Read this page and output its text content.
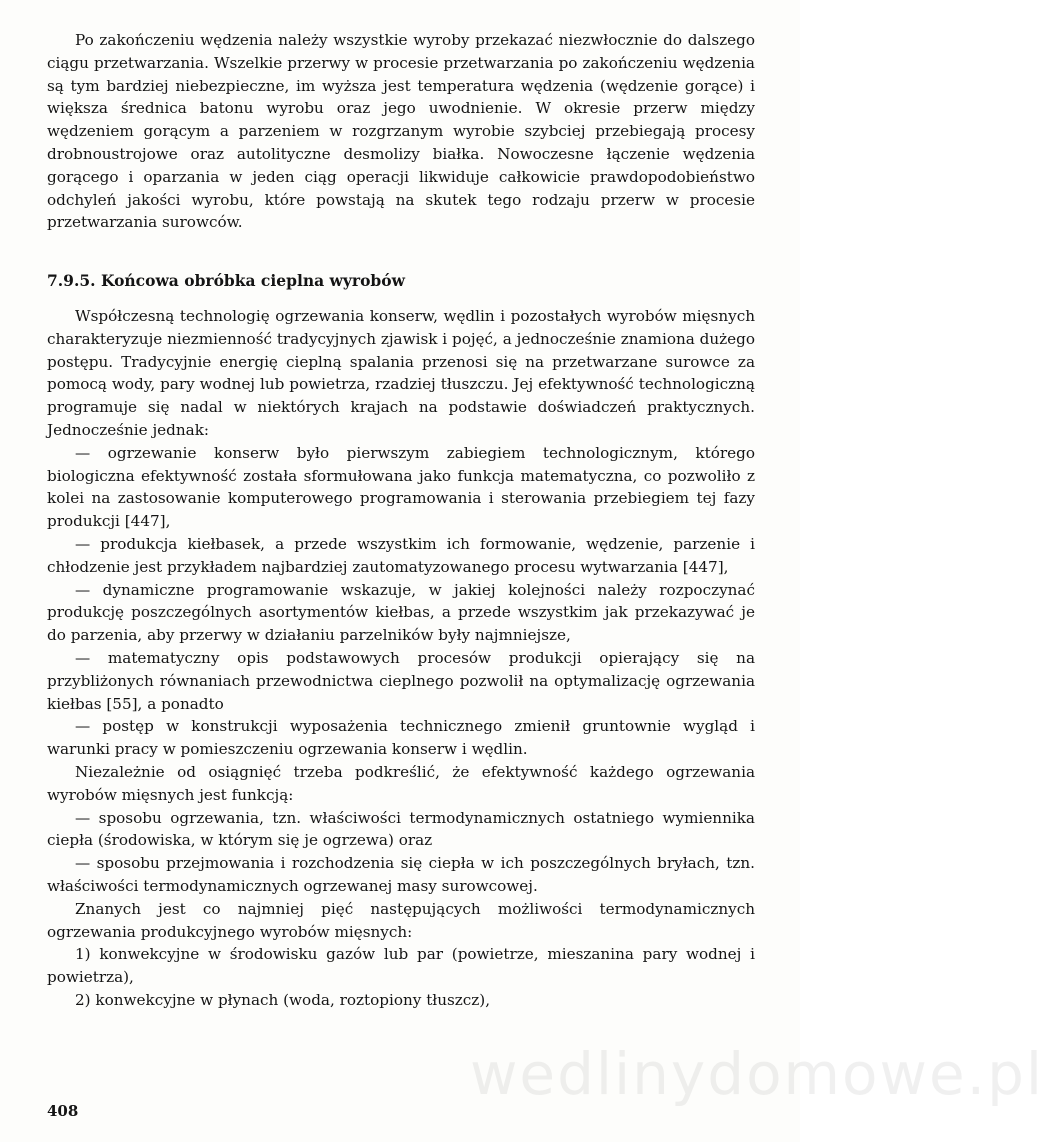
Po zakończeniu wędzenia należy wszystkie wyroby przekazać niezwłocznie do dalszego ciągu przetwarzania. Wszelkie przerwy w procesie przetwarzania po zakończeniu wędzenia są tym bardziej niebezpieczne, im wyższa jest temperatura wędzenia (wędzenie gorące) i większa średnica batonu wyrobu oraz jego uwodnienie. W okresie przerw między wędzeniem gorącym a parzeniem w rozgrzanym wyrobie szybciej przebiegają procesy drobnoustrojowe oraz autolityczne desmolizy białka. Nowoczesne łączenie wędzenia gorącego i oparzania w jeden ciąg operacji likwiduje całkowicie prawdopodobieństwo odchyleń jakości wyrobu, które powstają na skutek tego rodzaju przerw w procesie przetwarzania surowców.

7.9.5. Końcowa obróbka cieplna wyrobów

Współczesną technologię ogrzewania konserw, wędlin i pozostałych wyrobów mięsnych charakteryzuje niezmienność tradycyjnych zjawisk i pojęć, a jednocześnie znamiona dużego postępu. Tradycyjnie energię cieplną spalania przenosi się na przetwarzane surowce za pomocą wody, pary wodnej lub powietrza, rzadziej tłuszczu. Jej efektywność technologiczną programuje się nadal w niektórych krajach na podstawie doświadczeń praktycznych. Jednocześnie jednak:

— ogrzewanie konserw było pierwszym zabiegiem technologicznym, którego biologiczna efektywność została sformułowana jako funkcja matematyczna, co pozwoliło z kolei na zastosowanie komputerowego programowania i sterowania przebiegiem tej fazy produkcji [447],

— produkcja kiełbasek, a przede wszystkim ich formowanie, wędzenie, parzenie i chłodzenie jest przykładem najbardziej zautomatyzowanego procesu wytwarzania [447],

— dynamiczne programowanie wskazuje, w jakiej kolejności należy rozpoczynać produkcję poszczególnych asortymentów kiełbas, a przede wszystkim jak przekazywać je do parzenia, aby przerwy w działaniu parzelników były najmniejsze,

— matematyczny opis podstawowych procesów produkcji opierający się na przybliżonych równaniach przewodnictwa cieplnego pozwolił na optymalizację ogrzewania kiełbas [55], a ponadto

— postęp w konstrukcji wyposażenia technicznego zmienił gruntownie wygląd i warunki pracy w pomieszczeniu ogrzewania konserw i wędlin.

Niezależnie od osiągnięć trzeba podkreślić, że efektywność każdego ogrzewania wyrobów mięsnych jest funkcją:

— sposobu ogrzewania, tzn. właściwości termodynamicznych ostatniego wymiennika ciepła (środowiska, w którym się je ogrzewa) oraz

— sposobu przejmowania i rozchodzenia się ciepła w ich poszczególnych bryłach, tzn. właściwości termodynamicznych ogrzewanej masy surowcowej.

Znanych jest co najmniej pięć następujących możliwości termodynamicznych ogrzewania produkcyjnego wyrobów mięsnych:

1) konwekcyjne w środowisku gazów lub par (powietrze, mieszanina pary wodnej i powietrza),

2) konwekcyjne w płynach (woda, roztopiony tłuszcz),

wedlinydomowe.pl

408
